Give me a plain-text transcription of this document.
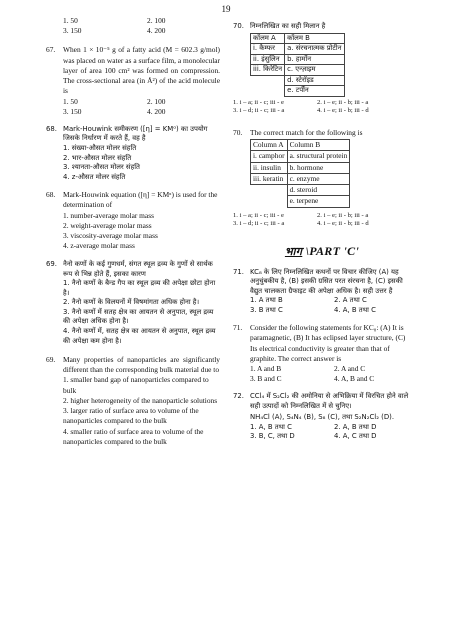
19
1. 50	2. 100
3. 150	4. 200
67.	When 1 × 10⁻⁵ g of a fatty acid (M = 602.3 g/mol) was placed on water as a surface film, a monolecular layer of area 100 cm² was formed on compression. The cross-sectional area (in Å²) of the acid molecule is
1. 50	2. 100
3. 150	4. 200
68. Mark-Houwink समीकरण ([η] = KMᵅ) का उपयोग जिसके निर्धारण में करते हैं, वह है
1. संख्या-औसत मोलर संहति
2. भार-औसत मोलर संहति
3. श्यानता-औसत मोलर संहति
4. z-औसत मोलर संहति
68.	Mark-Houwink equation ([η] = KMᵅ) is used for the determination of
1. number-average molar mass
2. weight-average molar mass
3. viscosity-average molar mass
4. z-average molar mass
69. नैनो कणों के कई गुणधर्म, संगत स्थूल द्रव्य के गुणों से सार्थक रूप से भिन्न होते हैं, इसका कारण
1. नैनो कणों के बैन्ड गैप का स्थूल द्रव्य की अपेक्षा छोटा होना है।
2. नैनो कणों के विलयनों में विषमांगता अधिक होना है।
3. नैनो कणों में सतह क्षेत्र का आयतन से अनुपात, स्थूल द्रव्य की अपेक्षा अधिक होना है।
4. नैनो कणों में, सतह क्षेत्र का आयतन से अनुपात, स्थूल द्रव्य की अपेक्षा कम होना है।
69.	Many properties of nanoparticles are significantly different than the corresponding bulk material due to
1. smaller band gap of nanoparticles compared to bulk
2. higher heterogeneity of the nanoparticle solutions
3. larger ratio of surface area to volume of the nanoparticles compared to the bulk
4. smaller ratio of surface area to volume of the nanoparticles compared to the bulk
70. निम्नलिखित का सही मिलान है
कॉलम A	कॉलम B
i. कैम्फर	a. संरचनात्मक प्रोटीन
ii. इंसुलिन	b. हार्मोन
iii. किरेटिन	c. एन्ज़ाइम
	d. स्टेरॉइड
	e. टर्पीन
1. i – a; ii - c; iii - e	2. i – e; ii - b; iii - a
3. i – d; ii - c; iii - a	4. i – e; ii - b; iii - d
70.	The correct match for the following is
Column A	Column B
i. camphor	a. structural protein
ii. insulin	b. hormone
iii. keratin	c. enzyme
	d. steroid
	e. terpene
1. i – a; ii - c; iii - e	2. i – e; ii - b; iii - a
3. i – d; ii - c; iii - a	4. i – e; ii - b; iii - d
भाग \PART 'C'
71. KC₈ के लिए निम्नलिखित कथनों पर विचार कीजिए (A) यह अनुचुंबकीय है, (B) इसकी ग्रसित परत संरचना है, (C) इसकी वैद्युत चालकता ग्रैफाइट की अपेक्षा अधिक है। सही उत्तर है
1. A तथा B	2. A तथा C
3. B तथा C	4. A, B तथा C
71.	Consider the following statements for KC₈: (A) It is paramagnetic, (B) It has eclipsed layer structure, (C) Its electrical conductivity is greater than that of graphite. The correct answer is
1. A and B	2. A and C
3. B and C	4. A, B and C
72. CCl₄ में S₂Cl₂ की अमोनिया से अभिक्रिया में विरचित होने वाले सही उत्पादों को निम्नलिखित में से चुनिए।
NH₄Cl (A), S₄N₄ (B), S₈ (C), तथा S₂N₂Cl₂ (D).
1. A, B तथा C	2. A, B तथा D
3. B, C, तथा D	4. A, C तथा D
